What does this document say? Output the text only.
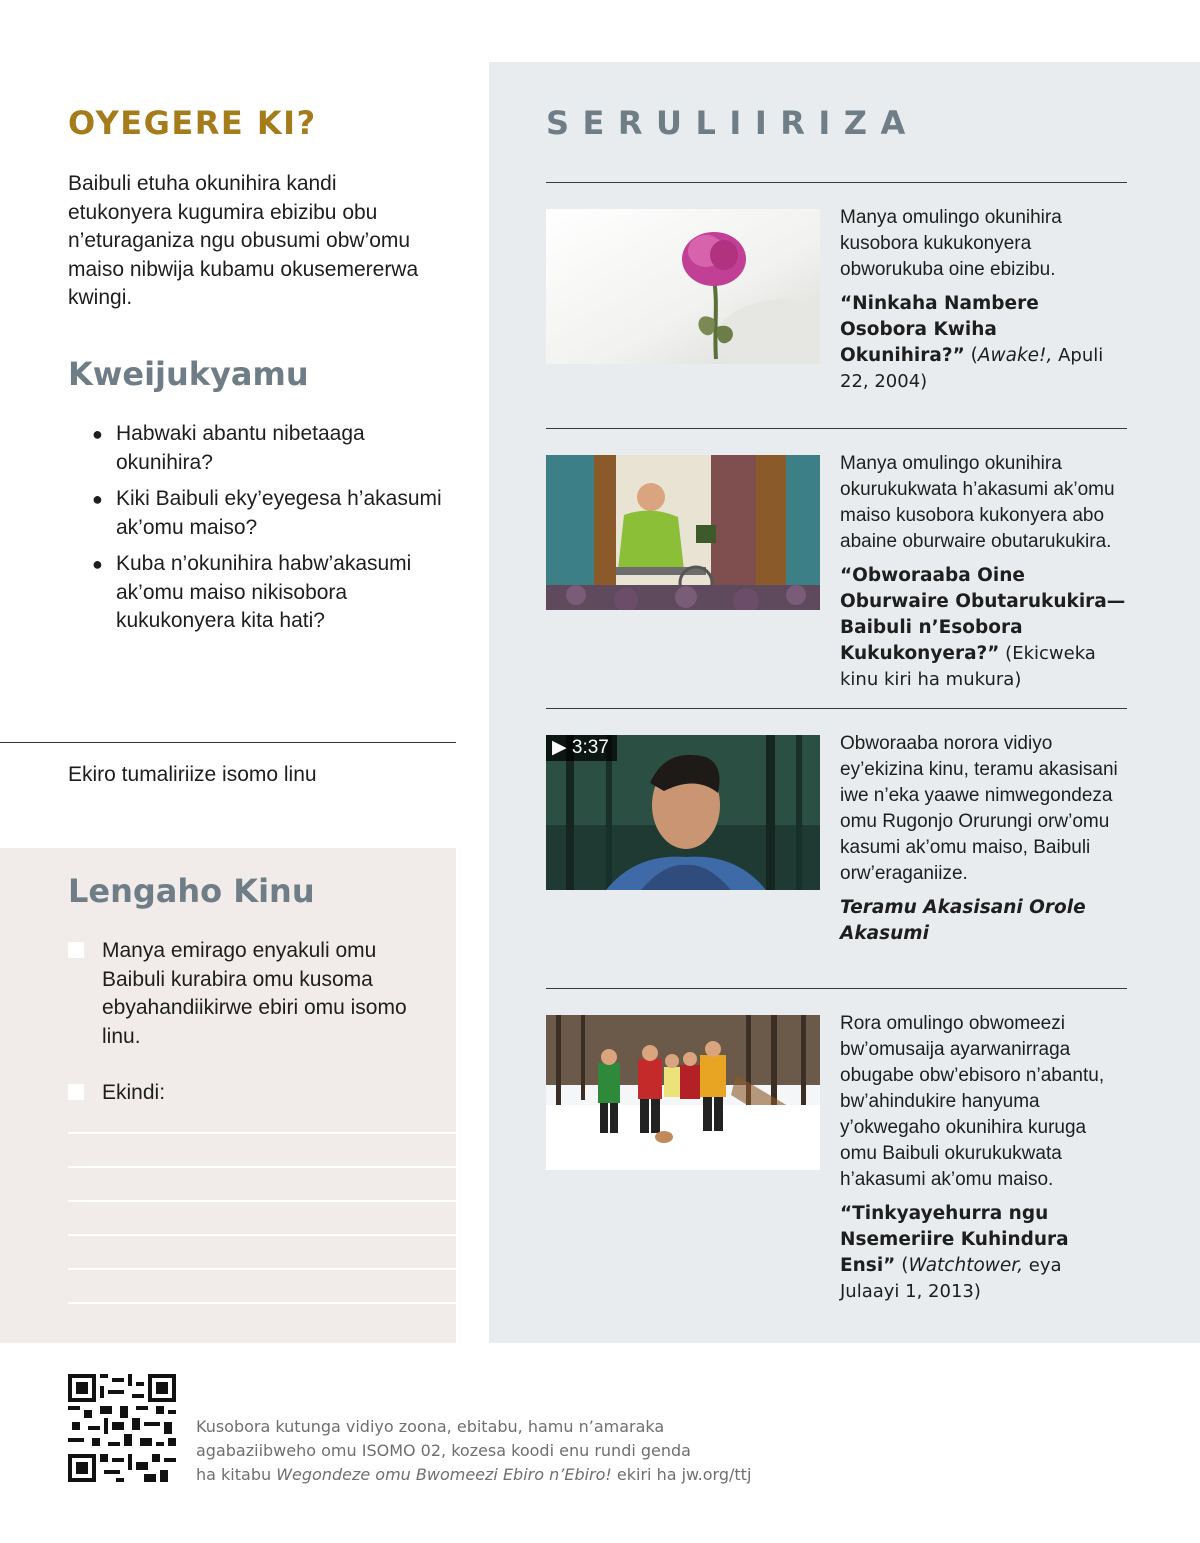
OYEGERE KI?

Baibuli etuha okunihira kandi etukonyera kugumira ebizibu obu n’eturaganiza ngu obusumi obw’omu maiso nibwija kubamu okusemererwa kwingi.

Kweijukyamu
● Habwaki abantu nibetaaga okunihira?
● Kiki Baibuli eky’eyegesa h’akasumi ak’omu maiso?
● Kuba n’okunihira habw’akasumi ak’omu maiso nikisobora kukukonyera kita hati?
Ekiro tumaliriize isomo linu
Lengaho Kinu
Manya emirago enyakuli omu Baibuli kurabira omu kusoma ebyahandiikirwe ebiri omu isomo linu.
Ekindi:
SERULIIRIZA

Manya omulingo okunihira kusobora kukukonyera obworukuba oine ebizibu.

“Ninkaha Nambere Osobora Kwiha Okunihira?” (Awake!, Apuli 22, 2004)

Manya omulingo okunihira okurukukwata h’akasumi ak’omu maiso kusobora kukonyera abo abaine oburwaire obutarukukira.

“Obworaaba Oine Oburwaire Obutarukukira—Baibuli n’Esobora Kukukonyera?” (Ekicweka kinu kiri ha mukura)

▶ 3:37	Obworaaba norora vidiyo ey’ekizina kinu, teramu akasisani iwe n’eka yaawe nimwegondeza omu Rugonjo Orurungi orw’omu kasumi ak’omu maiso, Baibuli orw’eraganiize.

Teramu Akasisani Orole Akasumi

Rora omulingo obwomeezi bw’omusaija ayarwanirraga obugabe obw’ebisoro n’abantu, bw’ahindukire hanyuma y’okwegaho okunihira kuruga omu Baibuli okurukukwata h’akasumi ak’omu maiso.

“Tinkyayehurra ngu Nsemeriire Kuhindura Ensi” (Watchtower, eya Julaayi 1, 2013)

Kusobora kutunga vidiyo zoona, ebitabu, hamu n’amaraka
agabaziibweho omu ISOMO 02, kozesa koodi enu rundi genda
ha kitabu Wegondeze omu Bwomeezi Ebiro n’Ebiro! ekiri ha jw.org/ttj
